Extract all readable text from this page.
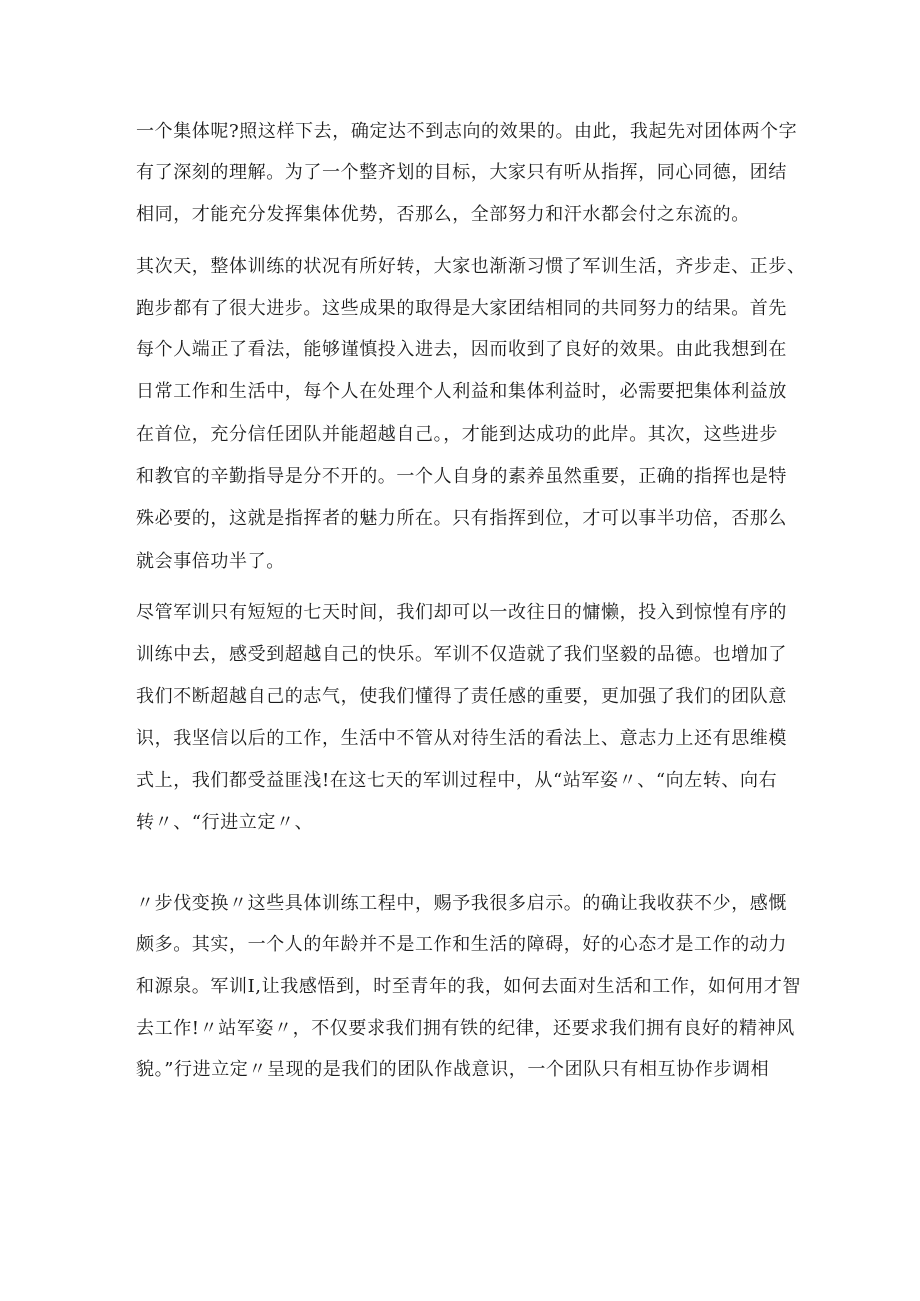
一个集体呢?照这样下去，确定达不到志向的效果的。由此，我起先对团体两个字
有了深刻的理解。为了一个整齐划的目标，大家只有听从指挥，同心同德，团结
相同，才能充分发挥集体优势，否那么，全部努力和汗水都会付之东流的。
其次天，整体训练的状况有所好转，大家也渐渐习惯了军训生活，齐步走、正步、
跑步都有了很大进步。这些成果的取得是大家团结相同的共同努力的结果。首先
每个人端正了看法，能够谨慎投入进去，因而收到了良好的效果。由此我想到在
日常工作和生活中，每个人在处理个人利益和集体利益时，必需要把集体利益放
在首位，充分信任团队并能超越自己。，才能到达成功的此岸。其次，这些进步
和教官的辛勤指导是分不开的。一个人自身的素养虽然重要，正确的指挥也是特
殊必要的，这就是指挥者的魅力所在。只有指挥到位，才可以事半功倍，否那么
就会事倍功半了。
尽管军训只有短短的七天时间，我们却可以一改往日的慵懒，投入到惊惶有序的
训练中去，感受到超越自己的快乐。军训不仅造就了我们坚毅的品德。也增加了
我们不断超越自己的志气，使我们懂得了责任感的重要，更加强了我们的团队意
识，我坚信以后的工作，生活中不管从对待生活的看法上、意志力上还有思维模
式上，我们都受益匪浅!在这七天的军训过程中，从“站军姿〃、“向左转、向右
转〃、“行进立定〃、
〃步伐变换〃这些具体训练工程中，赐予我很多启示。的确让我收获不少，感慨
颇多。其实，一个人的年龄并不是工作和生活的障碍，好的心态才是工作的动力
和源泉。军训I,让我感悟到，时至青年的我，如何去面对生活和工作，如何用才智
去工作!〃站军姿〃，不仅要求我们拥有铁的纪律，还要求我们拥有良好的精神风
貌。”行进立定〃呈现的是我们的团队作战意识，一个团队只有相互协作步调相
